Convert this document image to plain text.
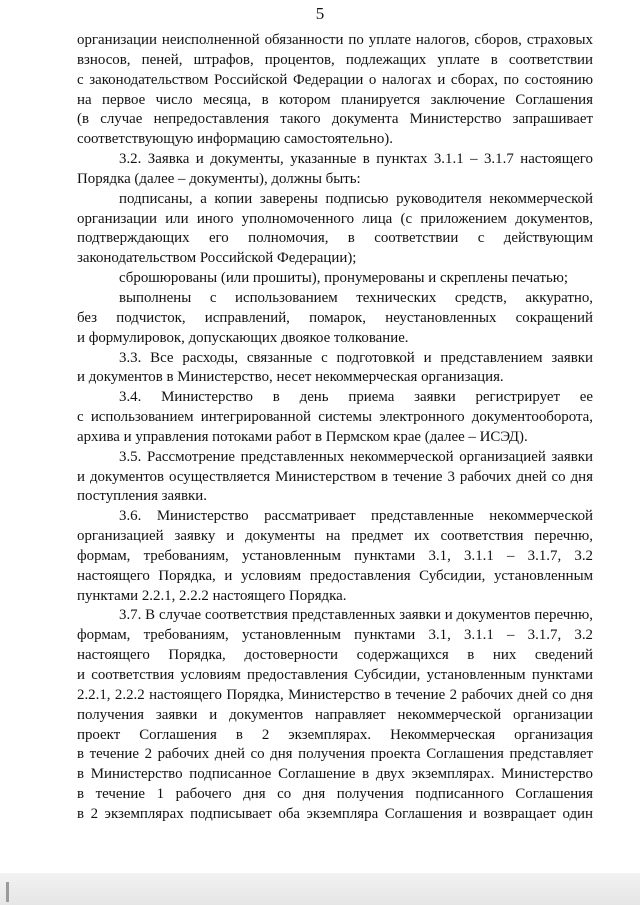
5
организации неисполненной обязанности по уплате налогов, сборов, страховых
взносов, пеней, штрафов, процентов, подлежащих уплате в соответствии
с законодательством Российской Федерации о налогах и сборах, по состоянию
на первое число месяца, в котором планируется заключение Соглашения
(в случае непредоставления такого документа Министерство запрашивает
соответствующую информацию самостоятельно).
3.2. Заявка и документы, указанные в пунктах 3.1.1 – 3.1.7 настоящего
Порядка (далее – документы), должны быть:
подписаны, а копии заверены подписью руководителя некоммерческой
организации или иного уполномоченного лица (с приложением документов,
подтверждающих его полномочия, в соответствии с действующим
законодательством Российской Федерации);
сброшюрованы (или прошиты), пронумерованы и скреплены печатью;
выполнены с использованием технических средств, аккуратно,
без подчисток, исправлений, помарок, неустановленных сокращений
и формулировок, допускающих двоякое толкование.
3.3. Все расходы, связанные с подготовкой и представлением заявки
и документов в Министерство, несет некоммерческая организация.
3.4. Министерство в день приема заявки регистрирует ее
с использованием интегрированной системы электронного документооборота,
архива и управления потоками работ в Пермском крае (далее – ИСЭД).
3.5. Рассмотрение представленных некоммерческой организацией заявки
и документов осуществляется Министерством в течение 3 рабочих дней со дня
поступления заявки.
3.6. Министерство рассматривает представленные некоммерческой
организацией заявку и документы на предмет их соответствия перечню,
формам, требованиям, установленным пунктами 3.1, 3.1.1 – 3.1.7, 3.2
настоящего Порядка, и условиям предоставления Субсидии, установленным
пунктами 2.2.1, 2.2.2 настоящего Порядка.
3.7. В случае соответствия представленных заявки и документов перечню,
формам, требованиям, установленным пунктами 3.1, 3.1.1 – 3.1.7, 3.2
настоящего Порядка, достоверности содержащихся в них сведений
и соответствия условиям предоставления Субсидии, установленным пунктами
2.2.1, 2.2.2 настоящего Порядка, Министерство в течение 2 рабочих дней со дня
получения заявки и документов направляет некоммерческой организации
проект Соглашения в 2 экземплярах. Некоммерческая организация
в течение 2 рабочих дней со дня получения проекта Соглашения представляет
в Министерство подписанное Соглашение в двух экземплярах. Министерство
в течение 1 рабочего дня со дня получения подписанного Соглашения
в 2 экземплярах подписывает оба экземпляра Соглашения и возвращает один
